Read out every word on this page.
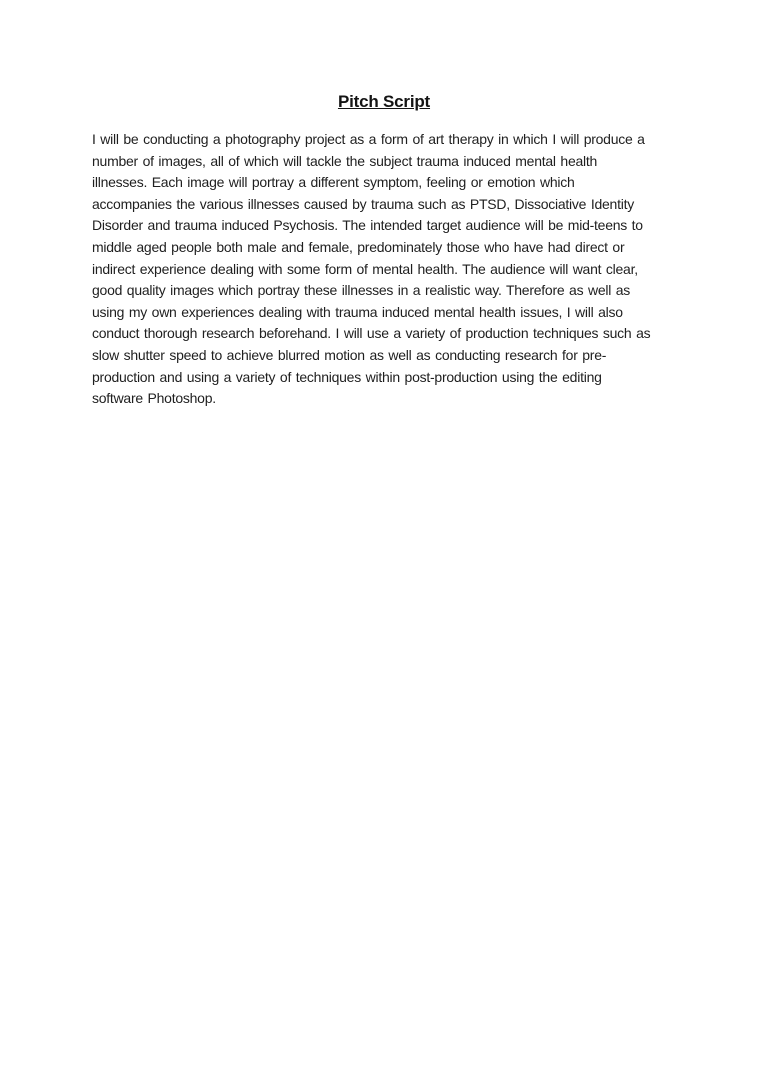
Pitch Script
I will be conducting a photography project as a form of art therapy in which I will produce a
number of images, all of which will tackle the subject trauma induced mental health
illnesses. Each image will portray a different symptom, feeling or emotion which
accompanies the various illnesses caused by trauma such as PTSD, Dissociative Identity
Disorder and trauma induced Psychosis. The intended target audience will be mid-teens to
middle aged people both male and female, predominately those who have had direct or
indirect experience dealing with some form of mental health. The audience will want clear,
good quality images which portray these illnesses in a realistic way. Therefore as well as
using my own experiences dealing with trauma induced mental health issues, I will also
conduct thorough research beforehand. I will use a variety of production techniques such as
slow shutter speed to achieve blurred motion as well as conducting research for pre-
production and using a variety of techniques within post-production using the editing
software Photoshop.
